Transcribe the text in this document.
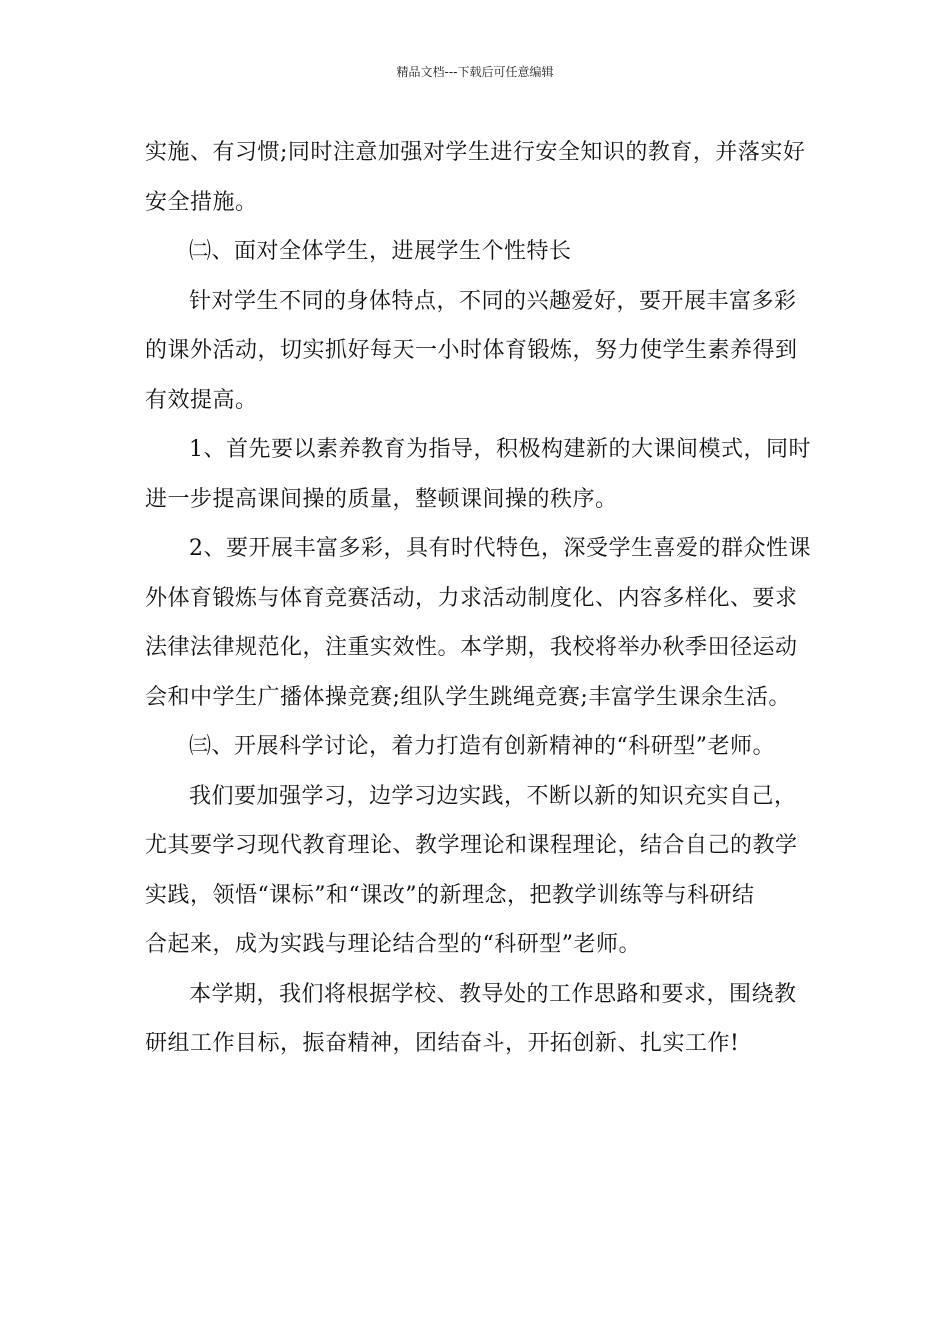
精品文档---下载后可任意编辑

实施、有习惯;同时注意加强对学生进行安全知识的教育，并落实好
安全措施。

㈡、面对全体学生，进展学生个性特长

针对学生不同的身体特点，不同的兴趣爱好，要开展丰富多彩
的课外活动，切实抓好每天一小时体育锻炼，努力使学生素养得到
有效提高。

1、首先要以素养教育为指导，积极构建新的大课间模式，同时
进一步提高课间操的质量，整顿课间操的秩序。

2、要开展丰富多彩，具有时代特色，深受学生喜爱的群众性课
外体育锻炼与体育竞赛活动，力求活动制度化、内容多样化、要求
法律法律规范化，注重实效性。本学期，我校将举办秋季田径运动
会和中学生广播体操竞赛;组队学生跳绳竞赛;丰富学生课余生活。

㈢、开展科学讨论，着力打造有创新精神的“科研型”老师。

我们要加强学习，边学习边实践，不断以新的知识充实自己，
尤其要学习现代教育理论、教学理论和课程理论，结合自己的教学
实践，领悟“课标”和“课改”的新理念，把教学训练等与科研结
合起来，成为实践与理论结合型的“科研型”老师。

本学期，我们将根据学校、教导处的工作思路和要求，围绕教
研组工作目标，振奋精神，团结奋斗，开拓创新、扎实工作!
